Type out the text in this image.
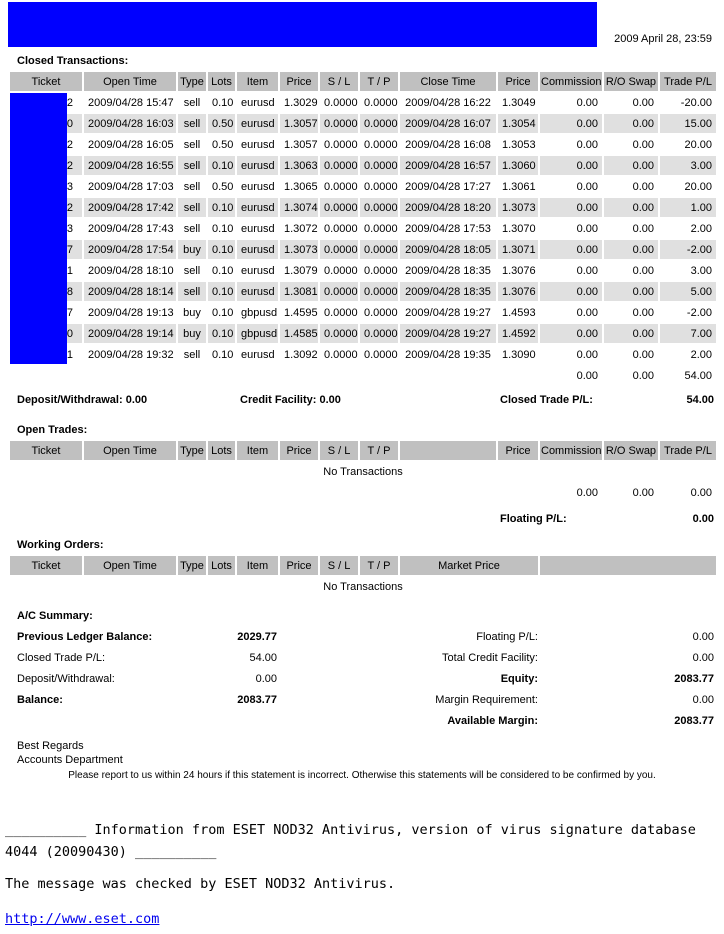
2009 April 28, 23:59
Closed Transactions:
Ticket	Open Time	Type	Lots	Item	Price	S / L	T / P	Close Time	Price	Commission	R/O Swap	Trade P/L
2	2009/04/28 15:47	sell	0.10	eurusd	1.3029	0.0000	0.0000	2009/04/28 16:22	1.3049	0.00	0.00	-20.00
0	2009/04/28 16:03	sell	0.50	eurusd	1.3057	0.0000	0.0000	2009/04/28 16:07	1.3054	0.00	0.00	15.00
2	2009/04/28 16:05	sell	0.50	eurusd	1.3057	0.0000	0.0000	2009/04/28 16:08	1.3053	0.00	0.00	20.00
2	2009/04/28 16:55	sell	0.10	eurusd	1.3063	0.0000	0.0000	2009/04/28 16:57	1.3060	0.00	0.00	3.00
3	2009/04/28 17:03	sell	0.50	eurusd	1.3065	0.0000	0.0000	2009/04/28 17:27	1.3061	0.00	0.00	20.00
2	2009/04/28 17:42	sell	0.10	eurusd	1.3074	0.0000	0.0000	2009/04/28 18:20	1.3073	0.00	0.00	1.00
3	2009/04/28 17:43	sell	0.10	eurusd	1.3072	0.0000	0.0000	2009/04/28 17:53	1.3070	0.00	0.00	2.00
7	2009/04/28 17:54	buy	0.10	eurusd	1.3073	0.0000	0.0000	2009/04/28 18:05	1.3071	0.00	0.00	-2.00
1	2009/04/28 18:10	sell	0.10	eurusd	1.3079	0.0000	0.0000	2009/04/28 18:35	1.3076	0.00	0.00	3.00
8	2009/04/28 18:14	sell	0.10	eurusd	1.3081	0.0000	0.0000	2009/04/28 18:35	1.3076	0.00	0.00	5.00
7	2009/04/28 19:13	buy	0.10	gbpusd	1.4595	0.0000	0.0000	2009/04/28 19:27	1.4593	0.00	0.00	-2.00
0	2009/04/28 19:14	buy	0.10	gbpusd	1.4585	0.0000	0.0000	2009/04/28 19:27	1.4592	0.00	0.00	7.00
1	2009/04/28 19:32	sell	0.10	eurusd	1.3092	0.0000	0.0000	2009/04/28 19:35	1.3090	0.00	0.00	2.00
										0.00	0.00	54.00
Deposit/Withdrawal: 0.00	Credit Facility: 0.00	Closed Trade P/L:	54.00
Open Trades:
Ticket	Open Time	Type	Lots	Item	Price	S / L	T / P		Price	Commission	R/O Swap	Trade P/L
No Transactions												
										0.00	0.00	0.00
Floating P/L:	0.00
Working Orders:
Ticket	Open Time	Type	Lots	Item	Price	S / L	T / P	Market Price	
No Transactions
A/C Summary:
Previous Ledger Balance:	2029.77	Floating P/L:	0.00
Closed Trade P/L:	54.00	Total Credit Facility:	0.00
Deposit/Withdrawal:	0.00	Equity:	2083.77
Balance:	2083.77	Margin Requirement:	0.00
Available Margin:	2083.77
Best Regards
Accounts Department
Please report to us within 24 hours if this statement is incorrect. Otherwise this statements will be considered to be confirmed by you.
__________ Information from ESET NOD32 Antivirus, version of virus signature database
4044 (20090430) __________
The message was checked by ESET NOD32 Antivirus.
http://www.eset.com
